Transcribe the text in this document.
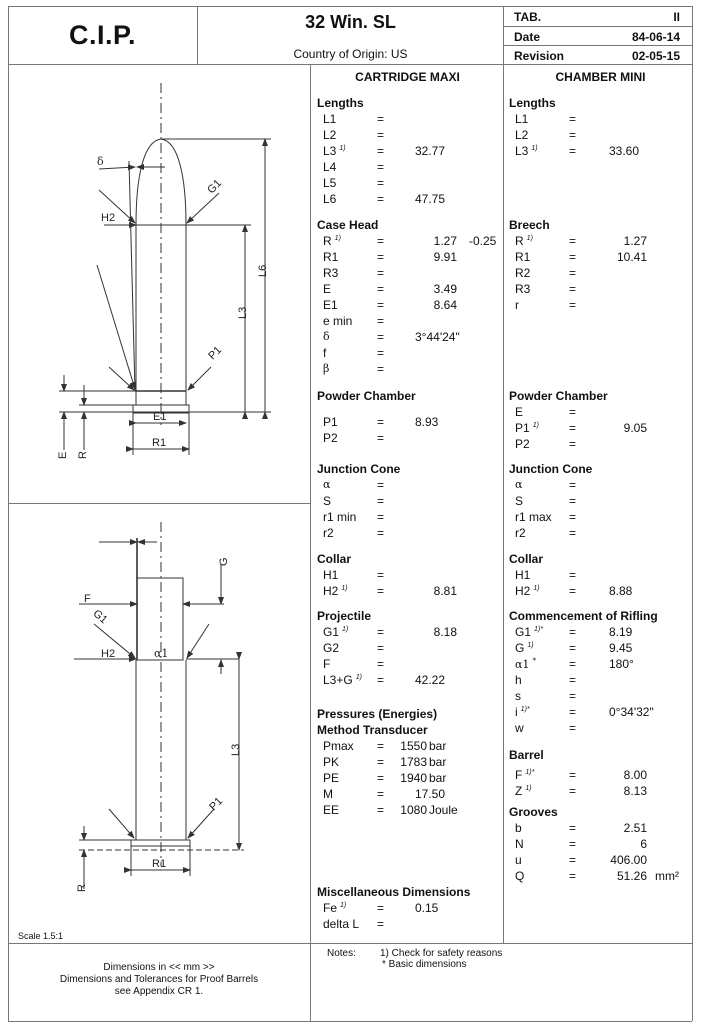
C.I.P.	32 Win. SL
Country of Origin: US
TAB.	II
Date	84-06-14
Revision	02-05-15
CARTRIDGE MAXI	CHAMBER MINI
Lengths
L1	=
L2	=
L3 $^{1)}$	=	32.77
L4	=
L5	=
L6	=	47.75
Case Head
R $^{1)}$	=	1.27 -0.25
R1	=	9.91
R3	=
E	=	3.49
E1	=	8.64
e min =
δ	=	3°44'24"
f	=
β	=
Powder Chamber
P1	=	8.93
P2	=
Junction Cone
α	=
S	=
r1 min =
r2	=
Collar
H1	=
H2 $^{1)}$ =	8.81
Projectile
G1 $^{1)}$ =	8.18
G2	=
F	=
L3+G $^{1)}$ =	42.22
Pressures (Energies)
Method Transducer
Pmax = 1550 bar
PK	= 1783 bar
PE	= 1940 bar
M	=	17.50
EE	= 1080 Joule
Miscellaneous Dimensions
Fe $^{1)}$	=	0.15
delta L =
Lengths
L1	=
L2	=
L3 $^{1)}$	=	33.60
Breech
R $^{1)}$	=	1.27
R1	=	10.41
R2	=
R3	=
r	=
Powder Chamber
E	=
P1 $^{1)}$	=	9.05
P2	=
Junction Cone
α	=
S	=
r1 max =
r2	=
Collar
H1	=
H2 $^{1)}$ =	8.88
Commencement of Rifling
G1 $^{1)*}$ =	8.19
G $^{1)}$	=	9.45
α1 *	=	180°
h	=
s	=
i $^{1)*}$	=	0°34'32"
w	=
Barrel
F $^{1)*}$	=	8.00
Z $^{1)}$	=	8.13
Grooves
b	=	2.51
N	=	6
u	=	406.00
Q	=	51.26 mm²
G1
H2
L6
L3
δ
P1
E1
R1
E R
G
F
G1
H2	α1
L3
P1
R1
R
Scale 1.5:1
Dimensions in << mm >>
Dimensions and Tolerances for Proof Barrels
see Appendix CR 1.
Notes: 1) Check for safety reasons
* Basic dimensions
